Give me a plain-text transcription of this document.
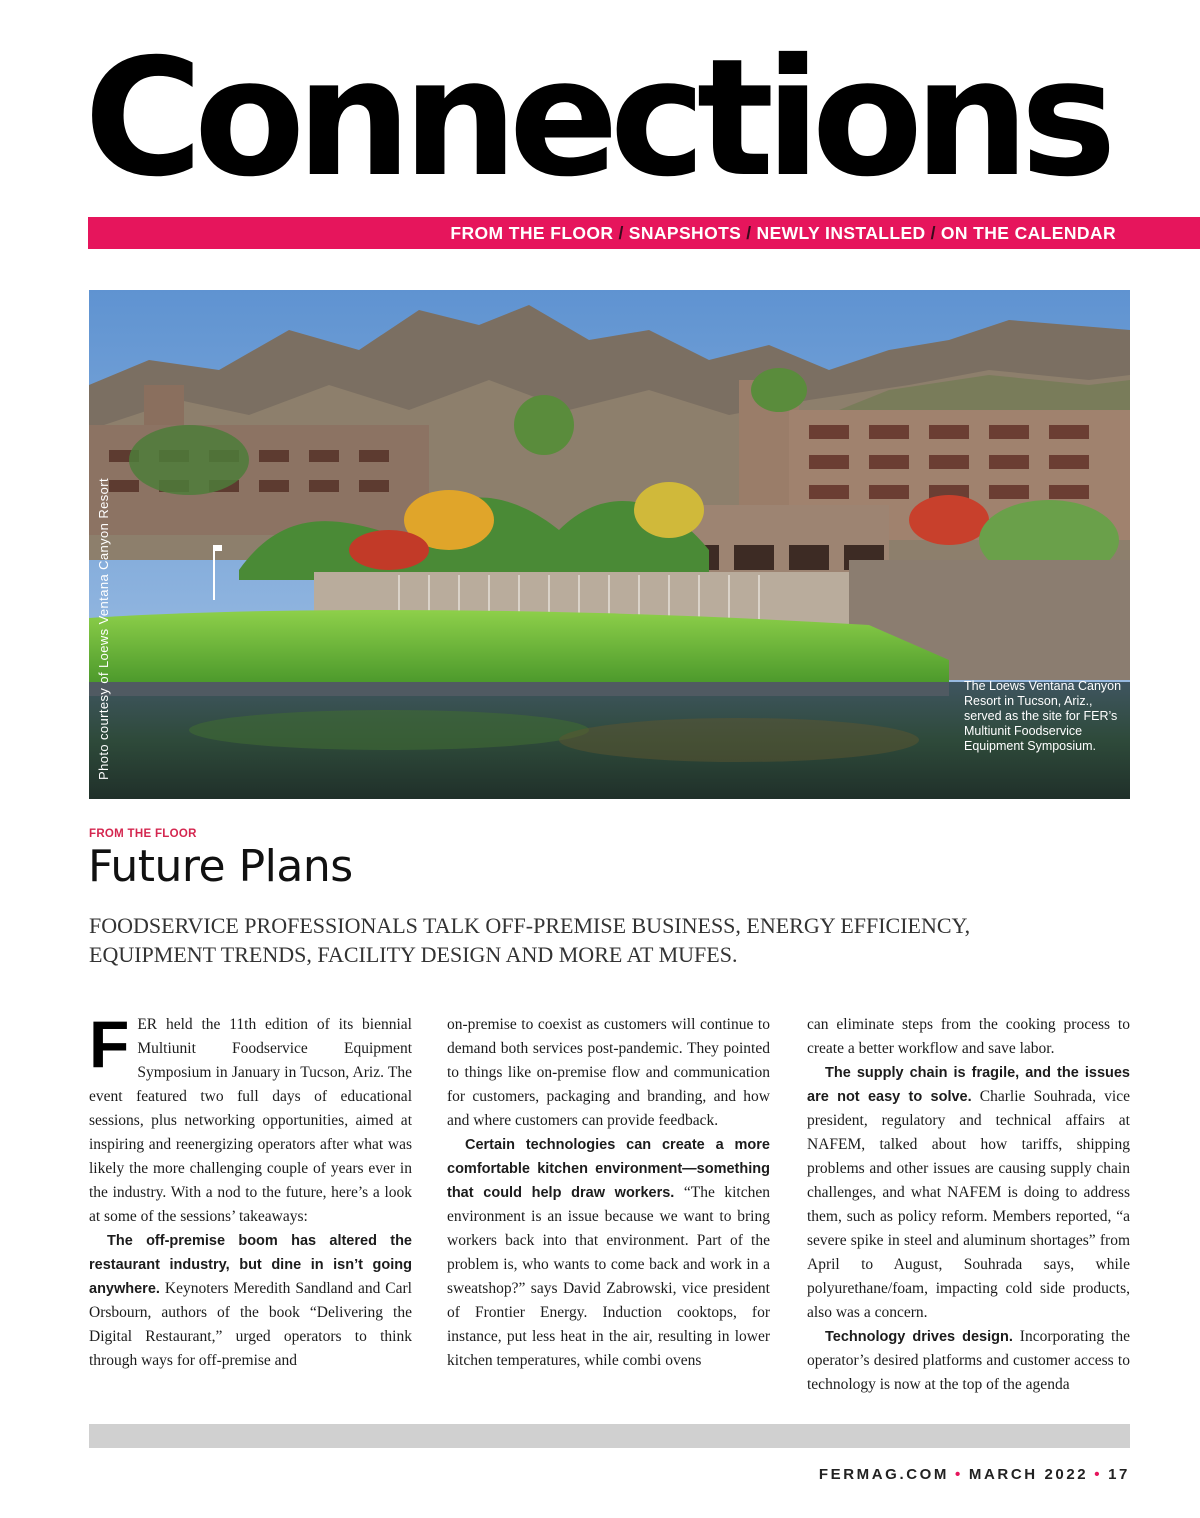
Connections
FROM THE FLOOR / SNAPSHOTS / NEWLY INSTALLED / ON THE CALENDAR
Photo courtesy of Loews Ventana Canyon Resort	The Loews Ventana Canyon Resort in Tucson, Ariz., served as the site for FER’s Multiunit Foodservice Equipment Symposium.
FROM THE FLOOR
Future Plans
FOODSERVICE PROFESSIONALS TALK OFF-PREMISE BUSINESS, ENERGY EFFICIENCY, EQUIPMENT TRENDS, FACILITY DESIGN AND MORE AT MUFES.

FER held the 11th edition of its biennial Multiunit Foodservice Equipment Symposium in January in Tucson, Ariz. The event featured two full days of educational sessions, plus networking opportunities, aimed at inspiring and reenergizing operators after what was likely the more challenging couple of years ever in the industry. With a nod to the future, here’s a look at some of the sessions’ takeaways:

The off-premise boom has altered the restaurant industry, but dine in isn’t going anywhere. Keynoters Meredith Sandland and Carl Orsbourn, authors of the book “Delivering the Digital Restaurant,” urged operators to think through ways for off-premise and

on-premise to coexist as customers will continue to demand both services post-pandemic. They pointed to things like on-premise flow and communication for customers, packaging and branding, and how and where customers can provide feedback.

Certain technologies can create a more comfortable kitchen environment—something that could help draw workers. “The kitchen environment is an issue because we want to bring workers back into that environment. Part of the problem is, who wants to come back and work in a sweatshop?” says David Zabrowski, vice president of Frontier Energy. Induction cooktops, for instance, put less heat in the air, resulting in lower kitchen temperatures, while combi ovens

can eliminate steps from the cooking process to create a better workflow and save labor.

The supply chain is fragile, and the issues are not easy to solve. Charlie Souhrada, vice president, regulatory and technical affairs at NAFEM, talked about how tariffs, shipping problems and other issues are causing supply chain challenges, and what NAFEM is doing to address them, such as policy reform. Members reported, “a severe spike in steel and aluminum shortages” from April to August, Souhrada says, while polyurethane/foam, impacting cold side products, also was a concern.

Technology drives design. Incorporating the operator’s desired platforms and customer access to technology is now at the top of the agenda

FERMAG.COM • MARCH 2022 • 17
